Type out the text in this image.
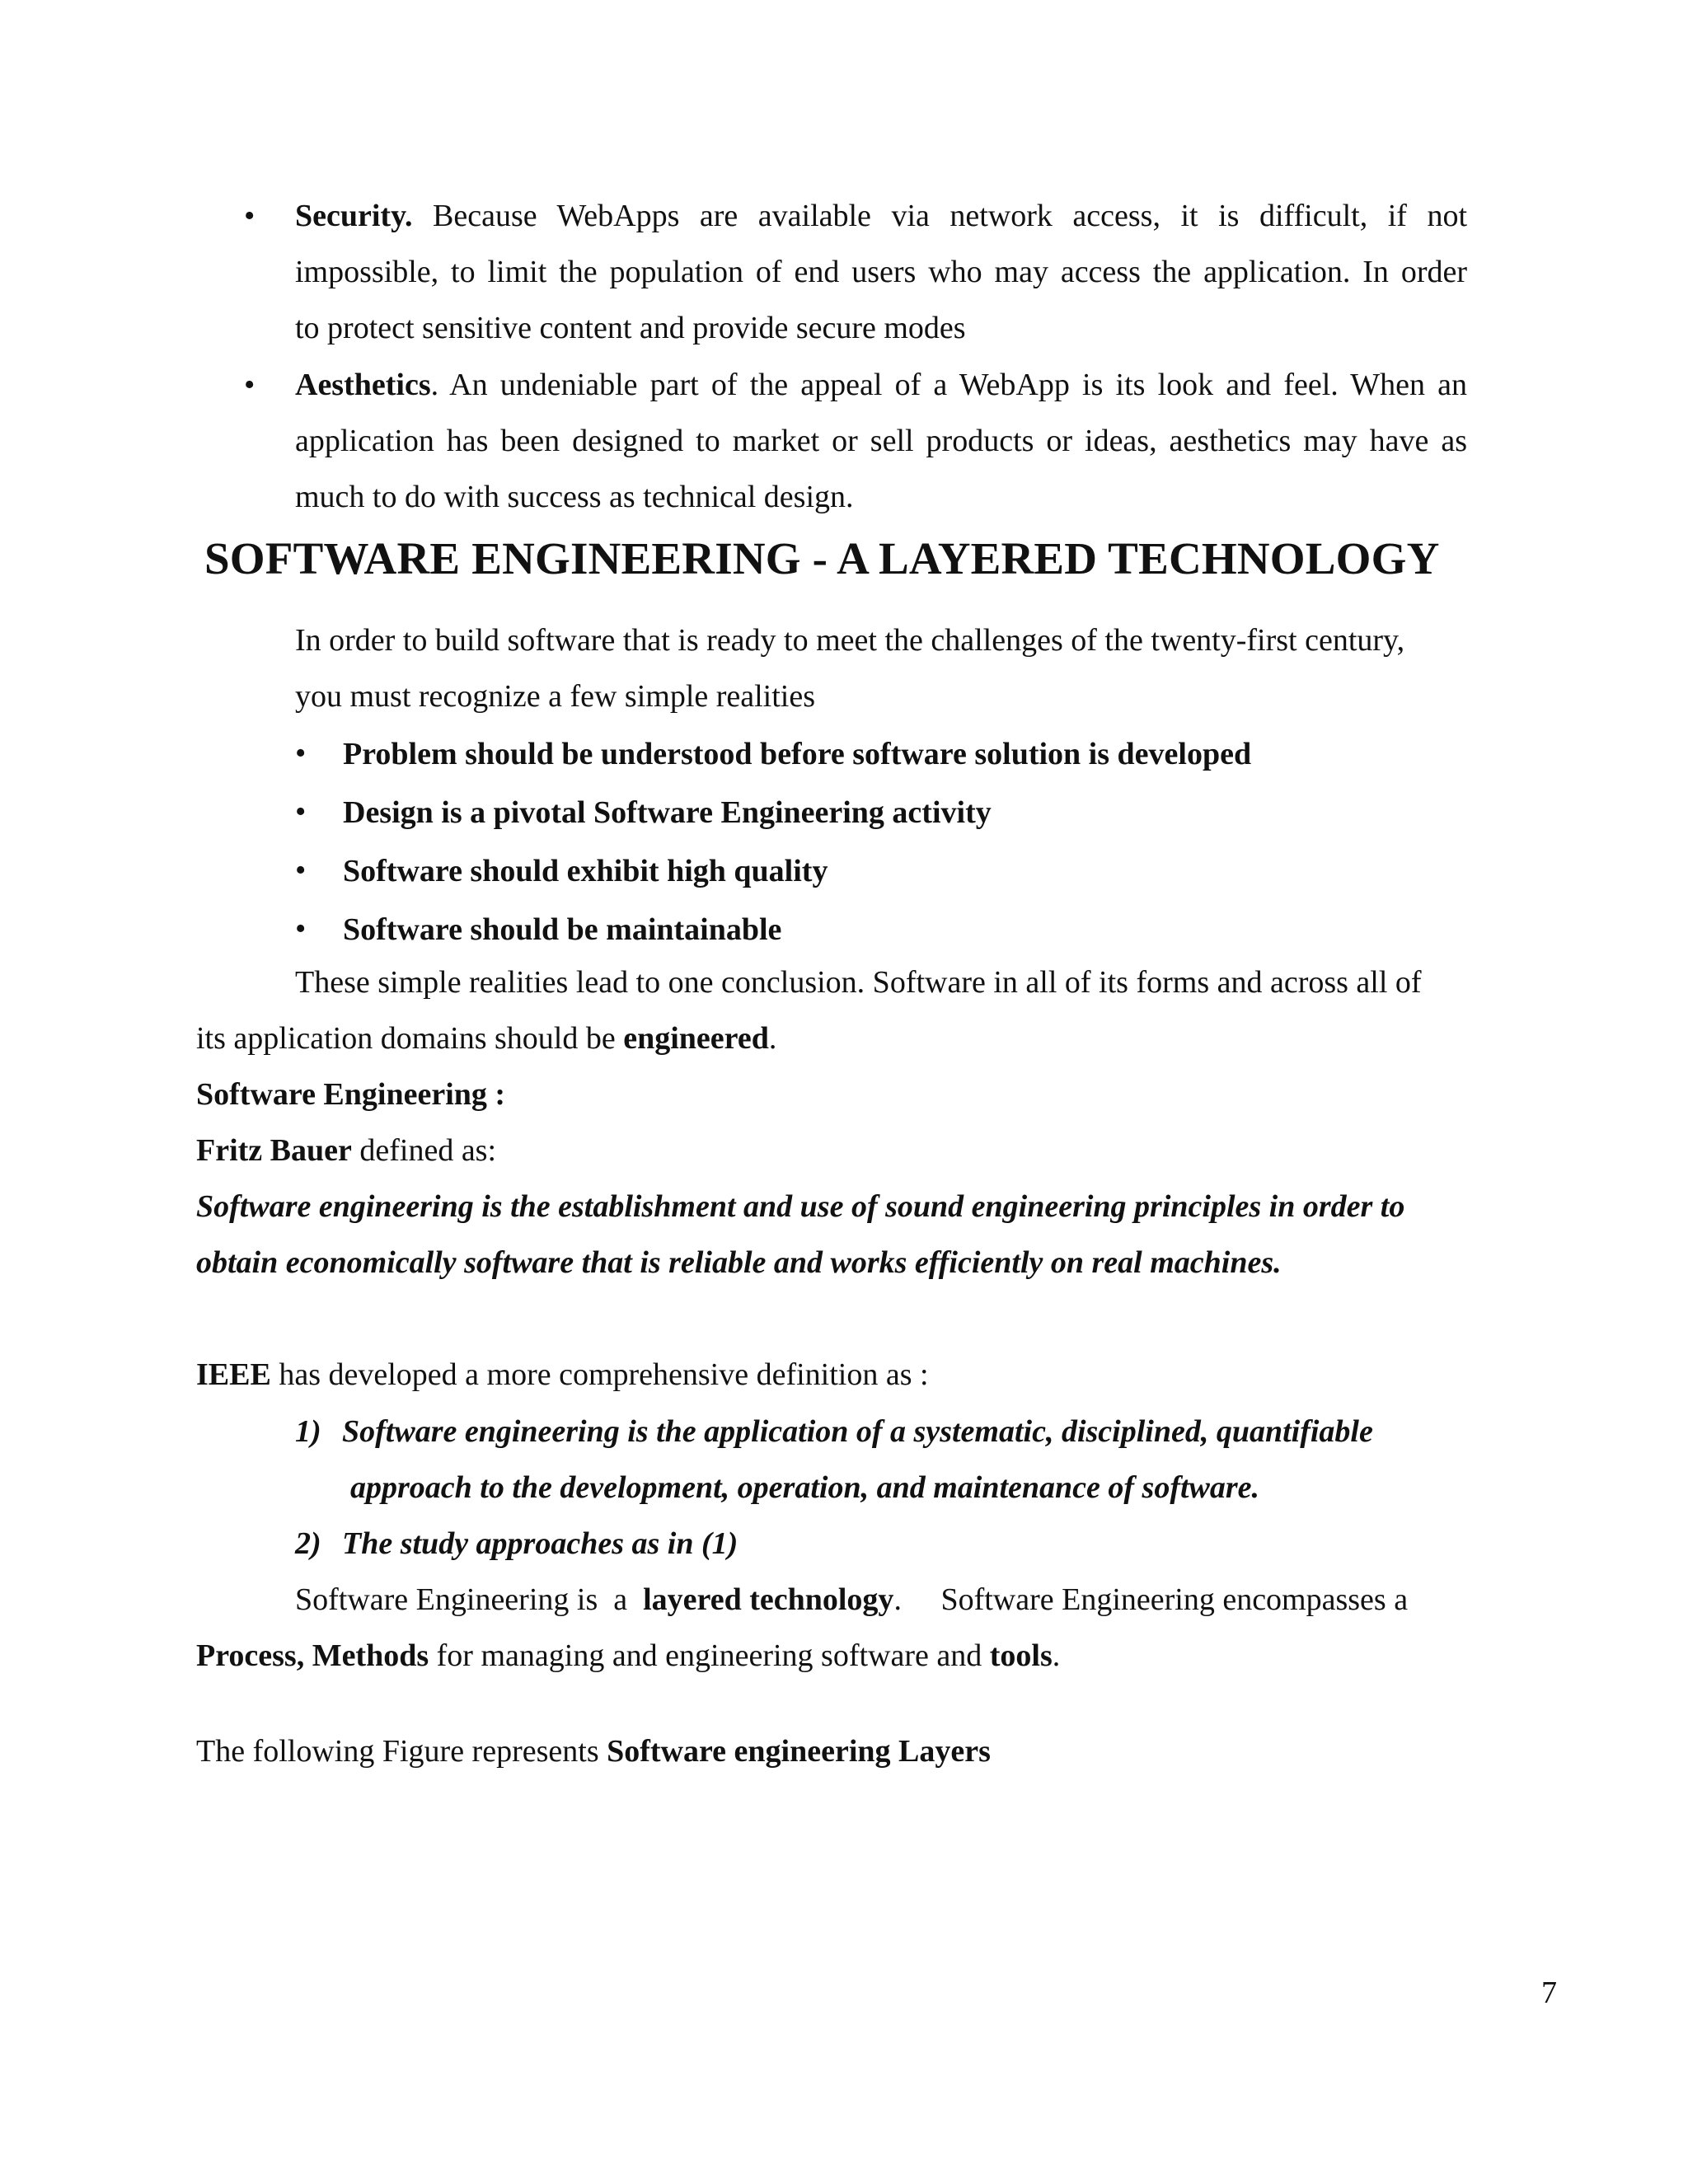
• Security. Because WebApps are available via network access, it is difficult, if not
impossible, to limit the population of end users who may access the application. In order
to protect sensitive content and provide secure modes
• Aesthetics. An undeniable part of the appeal of a WebApp is its look and feel. When an
application has been designed to market or sell products or ideas, aesthetics may have as
much to do with success as technical design.
SOFTWARE ENGINEERING - A LAYERED TECHNOLOGY
In order to build software that is ready to meet the challenges of the twenty-first century,
you must recognize a few simple realities
• Problem should be understood before software solution is developed
• Design is a pivotal Software Engineering activity
• Software should exhibit high quality
• Software should be maintainable
These simple realities lead to one conclusion. Software in all of its forms and across all of
its application domains should be engineered.
Software Engineering :
Fritz Bauer defined as:
Software engineering is the establishment and use of sound engineering principles in order to
obtain economically software that is reliable and works efficiently on real machines.
IEEE has developed a more comprehensive definition as :
1) Software engineering is the application of a systematic, disciplined, quantifiable
approach to the development, operation, and maintenance of software.
2) The study approaches as in (1)
Software Engineering is  a  layered technology.     Software Engineering encompasses a
Process, Methods for managing and engineering software and tools.
The following Figure represents Software engineering Layers
7
